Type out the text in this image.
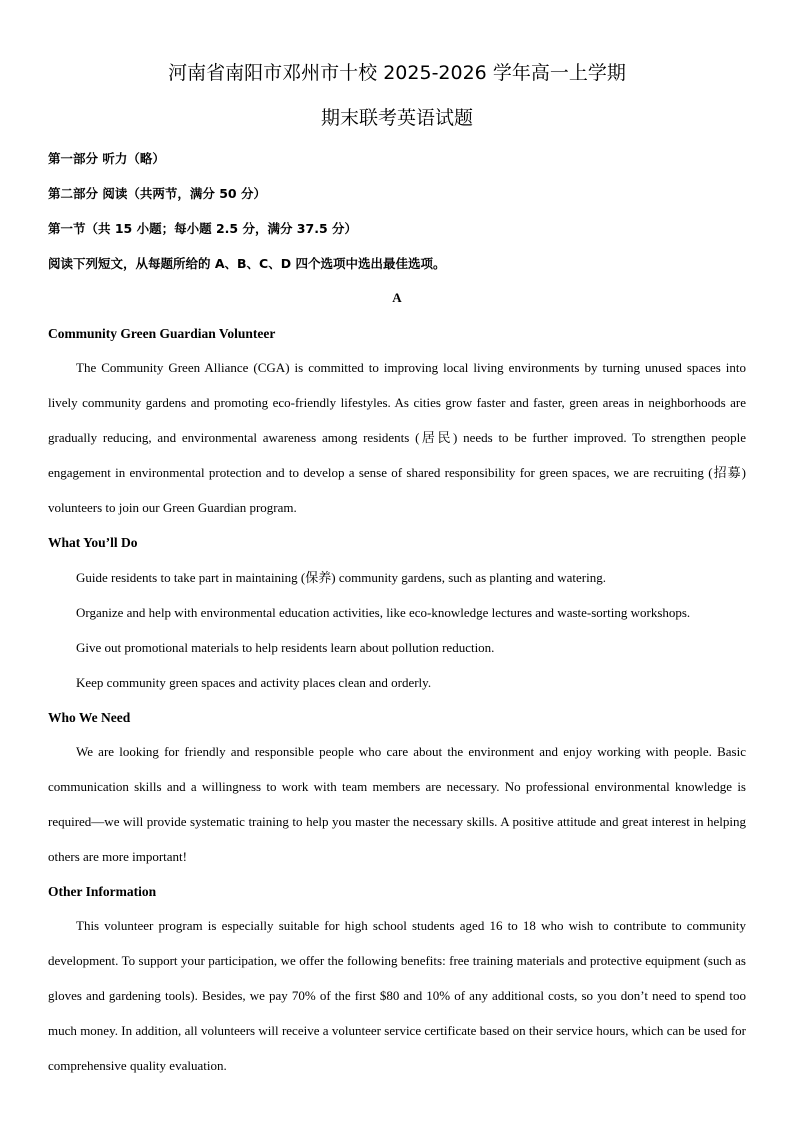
河南省南阳市邓州市十校 2025-2026 学年高一上学期
期末联考英语试题
第一部分 听力（略）
第二部分 阅读（共两节，满分 50 分）
第一节（共 15 小题；每小题 2.5 分，满分 37.5 分）
阅读下列短文，从每题所给的 A、B、C、D 四个选项中选出最佳选项。
A
Community Green Guardian Volunteer

The Community Green Alliance (CGA) is committed to improving local living environments by turning unused spaces into lively community gardens and promoting eco-friendly lifestyles. As cities grow faster and faster, green areas in neighborhoods are gradually reducing, and environmental awareness among residents (居民) needs to be further improved. To strengthen people engagement in environmental protection and to develop a sense of shared responsibility for green spaces, we are recruiting (招募) volunteers to join our Green Guardian program.

What You’ll Do
Guide residents to take part in maintaining (保养) community gardens, such as planting and watering.
Organize and help with environmental education activities, like eco-knowledge lectures and waste-sorting workshops.
Give out promotional materials to help residents learn about pollution reduction.
Keep community green spaces and activity places clean and orderly.
Who We Need

We are looking for friendly and responsible people who care about the environment and enjoy working with people. Basic communication skills and a willingness to work with team members are necessary. No professional environmental knowledge is required—we will provide systematic training to help you master the necessary skills. A positive attitude and great interest in helping others are more important!

Other Information

This volunteer program is especially suitable for high school students aged 16 to 18 who wish to contribute to community development. To support your participation, we offer the following benefits: free training materials and protective equipment (such as gloves and gardening tools). Besides, we pay 70% of the first $80 and 10% of any additional costs, so you don’t need to spend too much money. In addition, all volunteers will receive a volunteer service certificate based on their service hours, which can be used for comprehensive quality evaluation.
